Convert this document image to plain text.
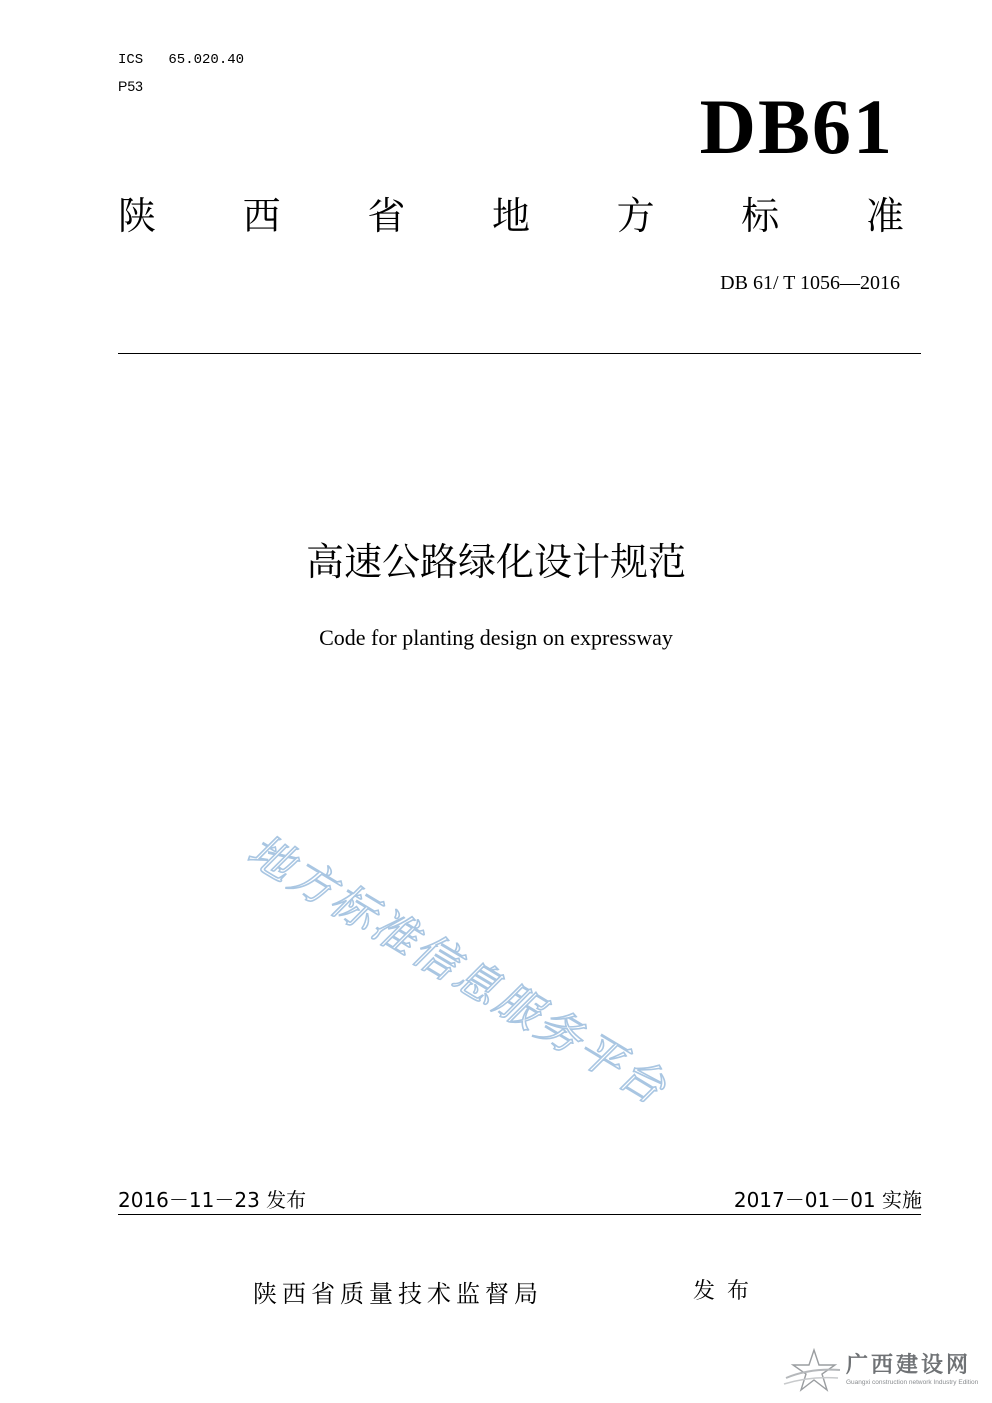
ICS   65.020.40
P53	DB61
陕 西 省 地 方 标 准
DB 61/ T 1056—2016
高速公路绿化设计规范
Code for planting design on expressway
地方标准信息服务平台
2016－11－23 发布	2017－01－01 实施
陕西省质量技术监督局	发布
广西建设网
Guangxi construction network Industry Edition
